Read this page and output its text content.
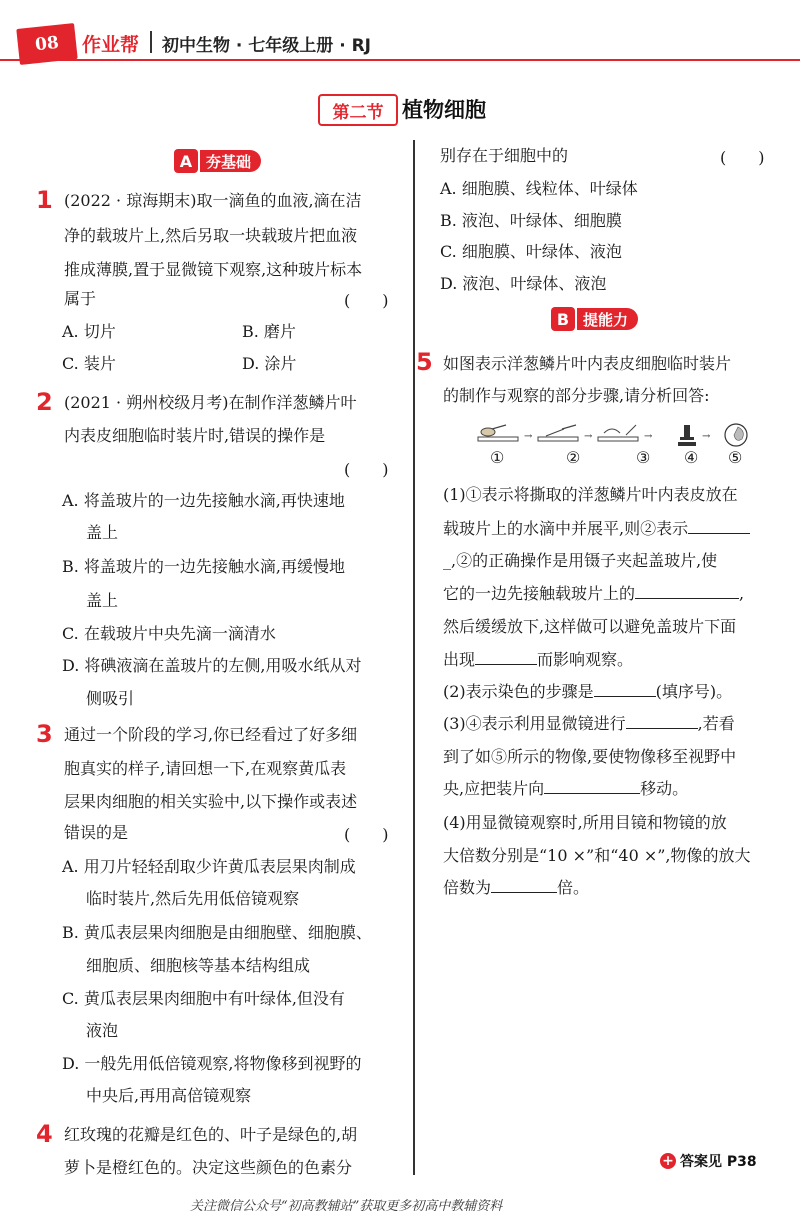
08	作业帮 初中生物 · 七年级上册 · RJ
第二节 植物细胞
A 夯基础
1 (2022 · 琼海期末)取一滴鱼的血液,滴在洁
净的载玻片上,然后另取一块载玻片把血液
推成薄膜,置于显微镜下观察,这种玻片标本
属于	(　　)
A. 切片	B. 磨片
C. 装片	D. 涂片
2 (2021 · 朔州校级月考)在制作洋葱鳞片叶
内表皮细胞临时装片时,错误的操作是
(　　)
A. 将盖玻片的一边先接触水滴,再快速地
盖上
B. 将盖玻片的一边先接触水滴,再缓慢地
盖上
C. 在载玻片中央先滴一滴清水
D. 将碘液滴在盖玻片的左侧,用吸水纸从对
侧吸引
3 通过一个阶段的学习,你已经看过了好多细
胞真实的样子,请回想一下,在观察黄瓜表
层果肉细胞的相关实验中,以下操作或表述
错误的是	(　　)
A. 用刀片轻轻刮取少许黄瓜表层果肉制成
临时装片,然后先用低倍镜观察
B. 黄瓜表层果肉细胞是由细胞壁、细胞膜、
细胞质、细胞核等基本结构组成
C. 黄瓜表层果肉细胞中有叶绿体,但没有
液泡
D. 一般先用低倍镜观察,将物像移到视野的
中央后,再用高倍镜观察
4 红玫瑰的花瓣是红色的、叶子是绿色的,胡
萝卜是橙红色的。决定这些颜色的色素分
别存在于细胞中的	(　　)
A. 细胞膜、线粒体、叶绿体
B. 液泡、叶绿体、细胞膜
C. 细胞膜、叶绿体、液泡
D. 液泡、叶绿体、液泡
B 提能力
5 如图表示洋葱鳞片叶内表皮细胞临时装片
的制作与观察的部分步骤,请分析回答:
→	→	→	→
①	②	③ ④ ⑤
(1)①表示将撕取的洋葱鳞片叶内表皮放在
载玻片上的水滴中并展平,则②表示
_,②的正确操作是用镊子夹起盖玻片,使
它的一边先接触载玻片上的	,
然后缓缓放下,这样做可以避免盖玻片下面
出现	而影响观察。
(2)表示染色的步骤是	(填序号)。
(3)④表示利用显微镜进行	,若看
到了如⑤所示的物像,要使物像移至视野中
央,应把装片向	移动。
(4)用显微镜观察时,所用目镜和物镜的放
大倍数分别是“10 ×”和“40 ×”,物像的放大
倍数为	倍。
+ 答案见 P38
关注微信公众号“初高教辅站”获取更多初高中教辅资料
